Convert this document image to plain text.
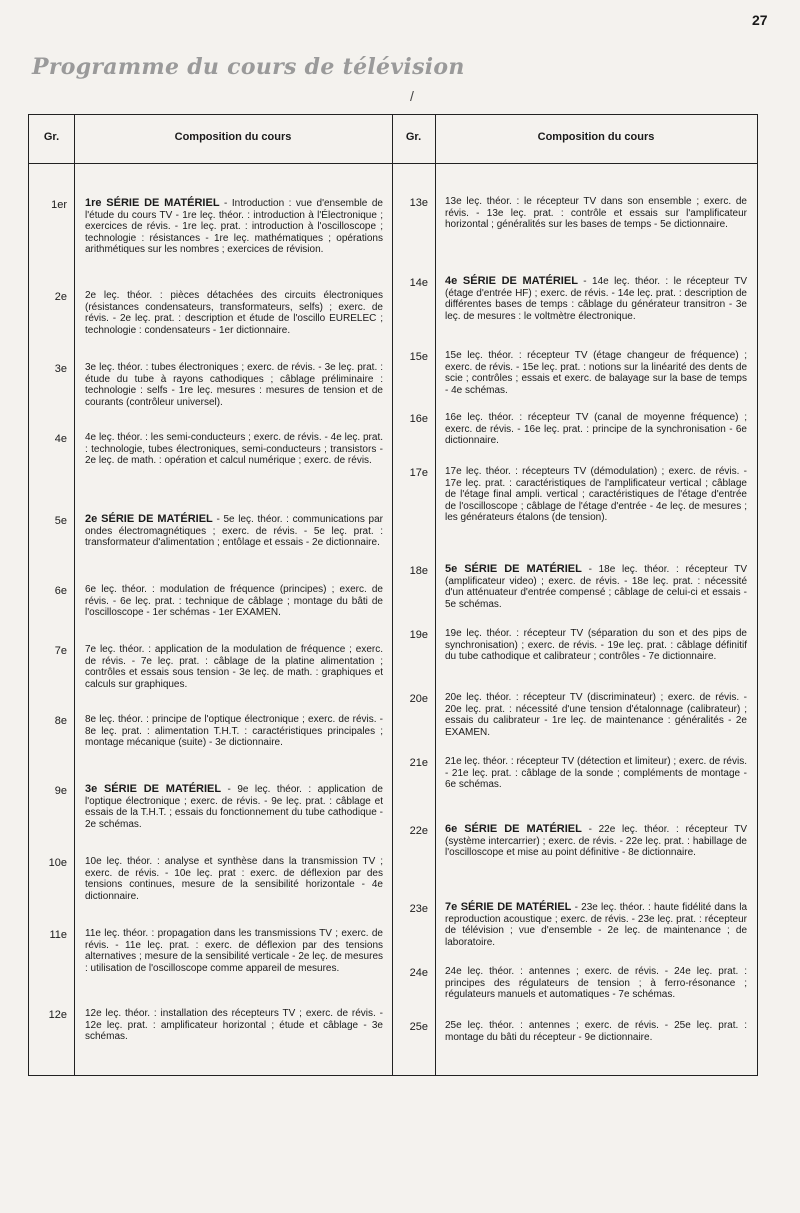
27
Programme du cours de télévision
/
Gr.	Composition du cours	Gr.	Composition du cours
1er 1re SÉRIE DE MATÉRIEL - Introduction : vue d'ensemble de l'étude du cours TV - 1re leç. théor. : introduction à l'Électronique ; exercices de révis. - 1re leç. prat. : introduction à l'oscilloscope ; technologie : résistances - 1re leç. mathématiques ; opérations arithmétiques sur les nombres ; exercices de révision.
2e 2e leç. théor. : pièces détachées des circuits électroniques (résistances condensateurs, transformateurs, selfs) ; exerc. de révis. - 2e leç. prat. : description et étude de l'oscillo EURELEC ; technologie : condensateurs - 1er dictionnaire.
3e 3e leç. théor. : tubes électroniques ; exerc. de révis. - 3e leç. prat. : étude du tube à rayons cathodiques ; câblage préliminaire : technologie : selfs - 1re leç. mesures : mesures de tension et de courants (contrôleur universel).
4e 4e leç. théor. : les semi-conducteurs ; exerc. de révis. - 4e leç. prat. : technologie, tubes électroniques, semi-conducteurs ; transistors - 2e leç. de math. : opération et calcul numérique ; exerc. de révis.
5e 2e SÉRIE DE MATÉRIEL - 5e leç. théor. : communications par ondes électromagnétiques ; exerc. de révis. - 5e leç. prat. : transformateur d'alimentation ; entôlage et essais - 2e dictionnaire.
6e 6e leç. théor. : modulation de fréquence (principes) ; exerc. de révis. - 6e leç. prat. : technique de câblage ; montage du bâti de l'oscilloscope - 1er schémas - 1er EXAMEN.
7e 7e leç. théor. : application de la modulation de fréquence ; exerc. de révis. - 7e leç. prat. : câblage de la platine alimentation ; contrôles et essais sous tension - 3e leç. de math. : graphiques et calculs sur graphiques.
8e 8e leç. théor. : principe de l'optique électronique ; exerc. de révis. - 8e leç. prat. : alimentation T.H.T. : caractéristiques principales ; montage mécanique (suite) - 3e dictionnaire.
9e 3e SÉRIE DE MATÉRIEL - 9e leç. théor. : application de l'optique électronique ; exerc. de révis. - 9e leç. prat. : câblage et essais de la T.H.T. ; essais du fonctionnement du tube cathodique - 2e schémas.
10e 10e leç. théor. : analyse et synthèse dans la transmission TV ; exerc. de révis. - 10e leç. prat : exerc. de déflexion par des tensions continues, mesure de la sensibilité horizontale - 4e dictionnaire.
11e 11e leç. théor. : propagation dans les transmissions TV ; exerc. de révis. - 11e leç. prat. : exerc. de déflexion par des tensions alternatives ; mesure de la sensibilité verticale - 2e leç. de mesures : utilisation de l'oscilloscope comme appareil de mesures.
12e 12e leç. théor. : installation des récepteurs TV ; exerc. de révis. - 12e leç. prat. : amplificateur horizontal ; étude et câblage - 3e schémas.
13e 13e leç. théor. : le récepteur TV dans son ensemble ; exerc. de révis. - 13e leç. prat. : contrôle et essais sur l'amplificateur horizontal ; généralités sur les bases de temps - 5e dictionnaire.
14e 4e SÉRIE DE MATÉRIEL - 14e leç. théor. : le récepteur TV (étage d'entrée HF) ; exerc. de révis. - 14e leç. prat. : description de différentes bases de temps : câblage du générateur transitron - 3e leç. de mesures : le voltmètre électronique.
15e 15e leç. théor. : récepteur TV (étage changeur de fréquence) ; exerc. de révis. - 15e leç. prat. : notions sur la linéarité des dents de scie ; contrôles ; essais et exerc. de balayage sur la base de temps - 4e schémas.
16e 16e leç. théor. : récepteur TV (canal de moyenne fréquence) ; exerc. de révis. - 16e leç. prat. : principe de la synchronisation - 6e dictionnaire.
17e 17e leç. théor. : récepteurs TV (démodulation) ; exerc. de révis. - 17e leç. prat. : caractéristiques de l'amplificateur vertical ; câblage de l'étage final ampli. vertical ; caractéristiques de l'étage d'entrée de l'oscilloscope ; câblage de l'étage d'entrée - 4e leç. de mesures ; les générateurs étalons (de tension).
18e 5e SÉRIE DE MATÉRIEL - 18e leç. théor. : récepteur TV (amplificateur video) ; exerc. de révis. - 18e leç. prat. : nécessité d'un atténuateur d'entrée compensé ; câblage de celui-ci et essais - 5e schémas.
19e 19e leç. théor. : récepteur TV (séparation du son et des pips de synchronisation) ; exerc. de révis. - 19e leç. prat. : câblage définitif du tube cathodique et calibrateur ; contrôles - 7e dictionnaire.
20e 20e leç. théor. : récepteur TV (discriminateur) ; exerc. de révis. - 20e leç. prat. : nécessité d'une tension d'étalonnage (calibrateur) ; essais du calibrateur - 1re leç. de maintenance : généralités - 2e EXAMEN.
21e 21e leç. théor. : récepteur TV (détection et limiteur) ; exerc. de révis. - 21e leç. prat. : câblage de la sonde ; compléments de montage - 6e schémas.
22e 6e SÉRIE DE MATÉRIEL - 22e leç. théor. : récepteur TV (système intercarrier) ; exerc. de révis. - 22e leç. prat. : habillage de l'oscilloscope et mise au point définitive - 8e dictionnaire.
23e 7e SÉRIE DE MATÉRIEL - 23e leç. théor. : haute fidélité dans la reproduction acoustique ; exerc. de révis. - 23e leç. prat. : récepteur de télévision ; vue d'ensemble - 2e leç. de maintenance ; de laboratoire.
24e 24e leç. théor. : antennes ; exerc. de révis. - 24e leç. prat. : principes des régulateurs de tension ; à ferro-résonance ; régulateurs manuels et automatiques - 7e schémas.
25e 25e leç. théor. : antennes ; exerc. de révis. - 25e leç. prat. : montage du bâti du récepteur - 9e dictionnaire.
